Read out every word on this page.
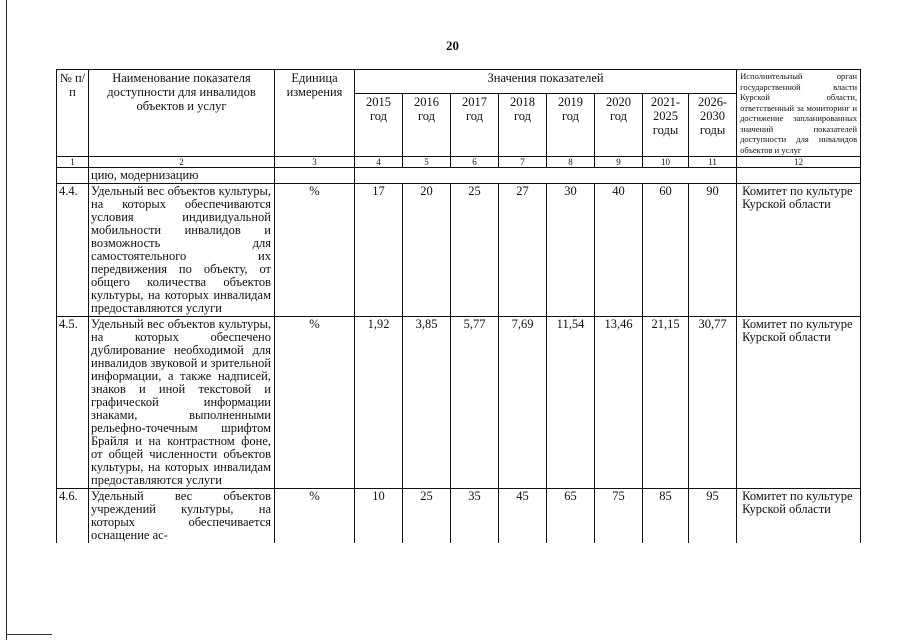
20
№ п/п	Наименование показателя доступности для инвалидов объектов и услуг	Единица измерения	Значения показателей								Исполнительный орган государственной власти Курской области, ответственный за мониторинг и достижение запланированных значений показателей доступности для инвалидов объектов и услуг
			2015 год	2016 год	2017 год	2018 год	2019 год	2020 год	2021-2025 годы	2026-2030 годы	
1	2	3	4	5	6	7	8	9	10	11	12
	цию, модернизацию										
4.4.	Удельный вес объектов культуры, на которых обеспечиваются условия индивидуальной мобильности инвалидов и возможность для самостоятельного их передвижения по объекту, от общего количества объектов культуры, на которых инвалидам предоставляются услуги	%	17	20	25	27	30	40	60	90	Комитет по культуре Курской области
4.5.	Удельный вес объектов культуры, на которых обеспечено дублирование необходимой для инвалидов звуковой и зрительной информации, а также надписей, знаков и иной текстовой и графической информации знаками, выполненными рельефно-точечным шрифтом Брайля и на контрастном фоне, от общей численности объектов культуры, на которых инвалидам предоставляются услуги	%	1,92	3,85	5,77	7,69	11,54	13,46	21,15	30,77	Комитет по культуре Курской области
4.6.	Удельный вес объектов учреждений культуры, на которых обеспечивается оснащение ас-	%	10	25	35	45	65	75	85	95	Комитет по культуре Курской области
